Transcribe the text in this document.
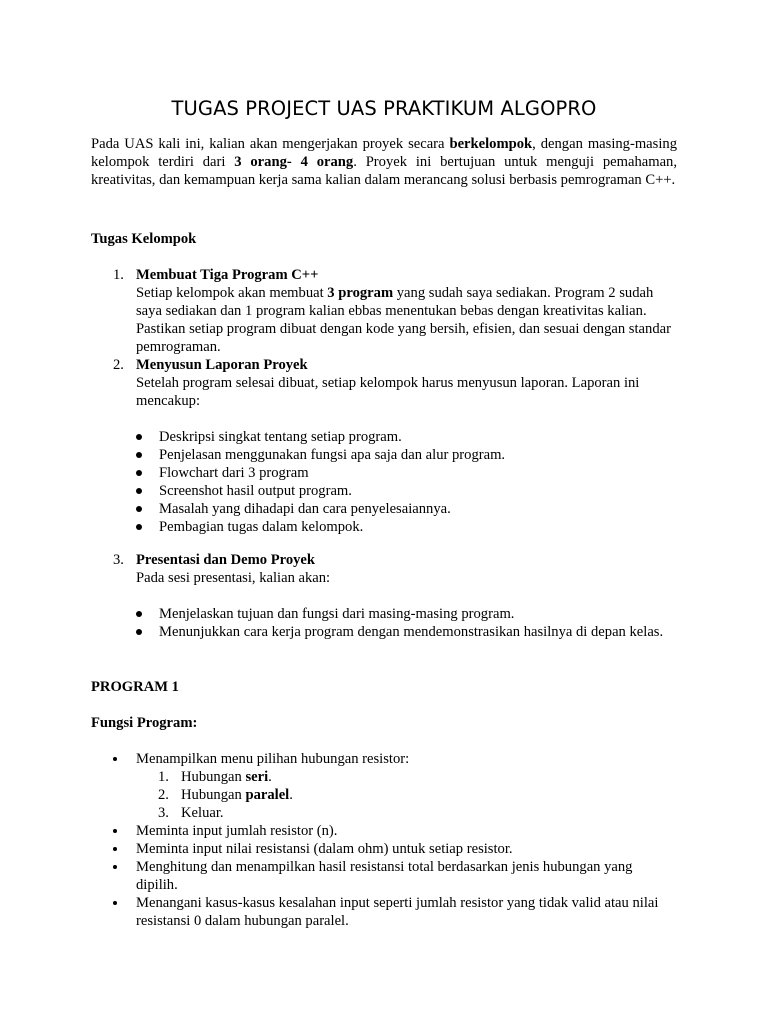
TUGAS PROJECT UAS PRAKTIKUM ALGOPRO

Pada UAS kali ini, kalian akan mengerjakan proyek secara berkelompok, dengan masing-masing kelompok terdiri dari 3 orang- 4 orang. Proyek ini bertujuan untuk menguji pemahaman, kreativitas, dan kemampuan kerja sama kalian dalam merancang solusi berbasis pemrograman C++.

Tugas Kelompok

1. Membuat Tiga Program C++
Setiap kelompok akan membuat 3 program yang sudah saya sediakan. Program 2 sudah saya sediakan dan 1 program kalian ebbas menentukan bebas dengan kreativitas kalian. Pastikan setiap program dibuat dengan kode yang bersih, efisien, dan sesuai dengan standar pemrograman.
2. Menyusun Laporan Proyek
Setelah program selesai dibuat, setiap kelompok harus menyusun laporan. Laporan ini mencakup:
Deskripsi singkat tentang setiap program.
Penjelasan menggunakan fungsi apa saja dan alur program.
Flowchart dari 3 program
Screenshot hasil output program.
Masalah yang dihadapi dan cara penyelesaiannya.
Pembagian tugas dalam kelompok.
3. Presentasi dan Demo Proyek
Pada sesi presentasi, kalian akan:
Menjelaskan tujuan dan fungsi dari masing-masing program.
Menunjukkan cara kerja program dengan mendemonstrasikan hasilnya di depan kelas.

PROGRAM 1

Fungsi Program:

Menampilkan menu pilihan hubungan resistor:
1. Hubungan seri.
2. Hubungan paralel.
3. Keluar.
Meminta input jumlah resistor (n).
Meminta input nilai resistansi (dalam ohm) untuk setiap resistor.
Menghitung dan menampilkan hasil resistansi total berdasarkan jenis hubungan yang dipilih.
Menangani kasus-kasus kesalahan input seperti jumlah resistor yang tidak valid atau nilai resistansi 0 dalam hubungan paralel.
